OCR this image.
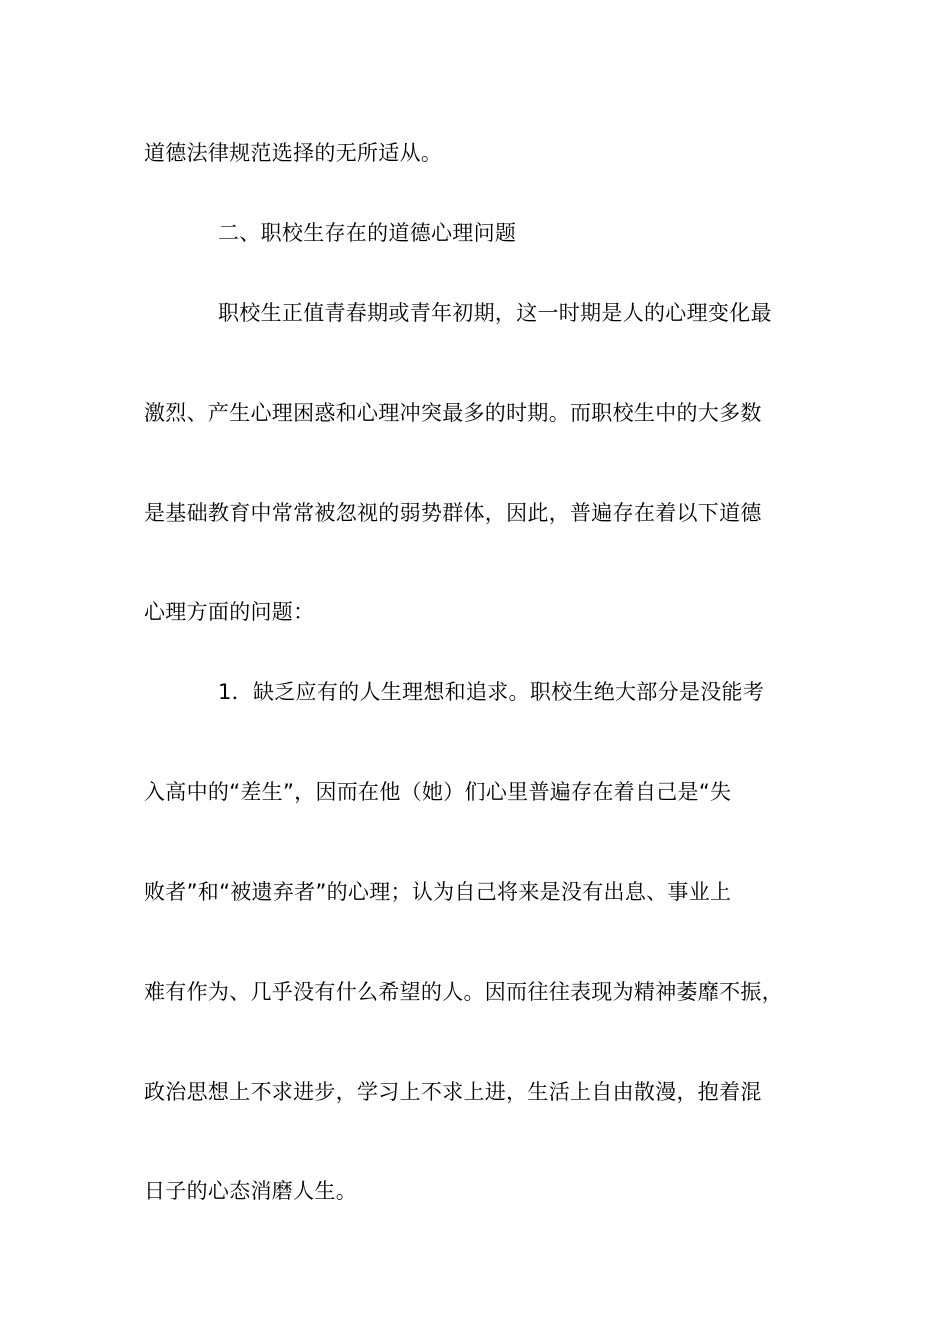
道德法律规范选择的无所适从。
二、职校生存在的道德心理问题
职校生正值青春期或青年初期，这一时期是人的心理变化最
激烈、产生心理困惑和心理冲突最多的时期。而职校生中的大多数
是基础教育中常常被忽视的弱势群体，因此，普遍存在着以下道德
心理方面的问题：
1．缺乏应有的人生理想和追求。职校生绝大部分是没能考
入高中的“差生”，因而在他（她）们心里普遍存在着自己是“失
败者”和“被遗弃者”的心理；认为自己将来是没有出息、事业上
难有作为、几乎没有什么希望的人。因而往往表现为精神萎靡不振，
政治思想上不求进步，学习上不求上进，生活上自由散漫，抱着混
日子的心态消磨人生。
